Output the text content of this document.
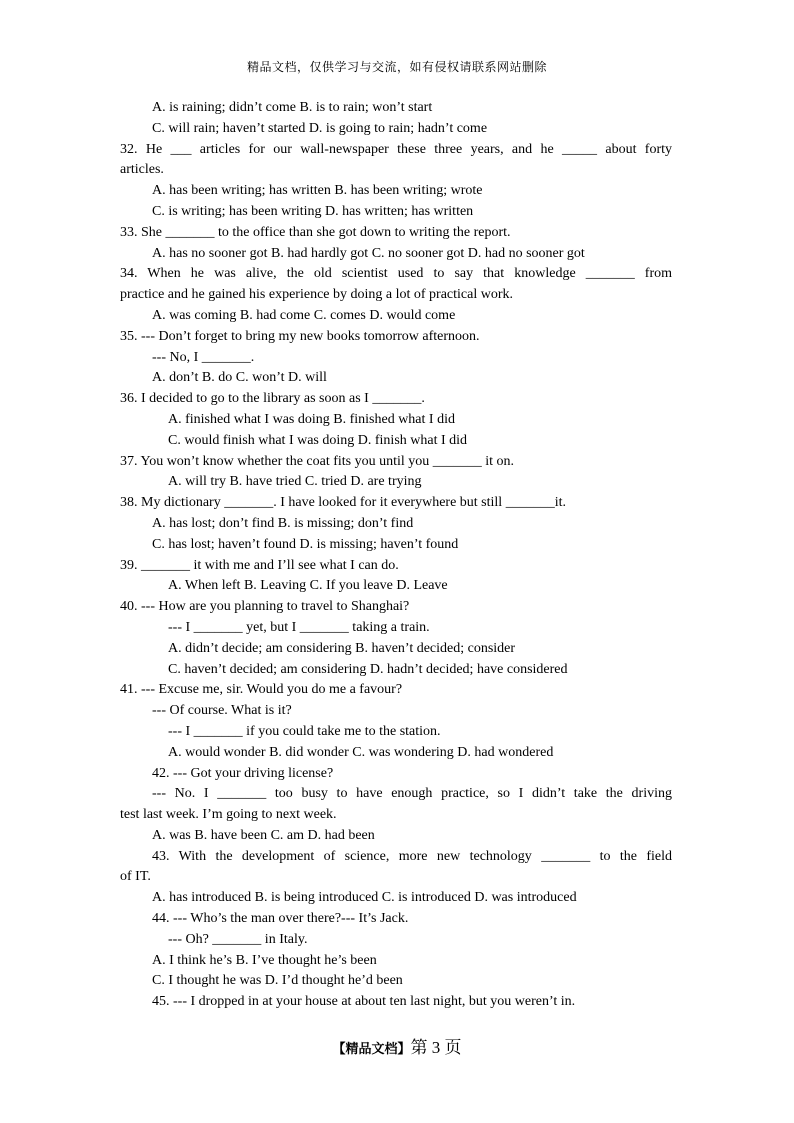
精品文档，仅供学习与交流，如有侵权请联系网站删除
A. is raining; didn’t come B. is to rain; won’t start
C. will rain; haven’t started D. is going to rain; hadn’t come
32. He ___ articles for our wall-newspaper these three years, and he _____ about forty
articles.
A. has been writing; has written B. has been writing; wrote
C. is writing; has been writing D. has written; has written
33. She _______ to the office than she got down to writing the report.
A. has no sooner got B. had hardly got C. no sooner got D. had no sooner got
34. When he was alive, the old scientist used to say that knowledge _______ from
practice and he gained his experience by doing a lot of practical work.
A. was coming B. had come C. comes D. would come
35. --- Don’t forget to bring my new books tomorrow afternoon.
--- No, I _______.
A. don’t B. do C. won’t D. will
36. I decided to go to the library as soon as I _______.
A. finished what I was doing B. finished what I did
C. would finish what I was doing D. finish what I did
37. You won’t know whether the coat fits you until you _______ it on.
A. will try B. have tried C. tried D. are trying
38. My dictionary _______. I have looked for it everywhere but still _______it.
A. has lost; don’t find B. is missing; don’t find
C. has lost; haven’t found D. is missing; haven’t found
39. _______ it with me and I’ll see what I can do.
A. When left B. Leaving C. If you leave D. Leave
40. --- How are you planning to travel to Shanghai?
--- I _______ yet, but I _______ taking a train.
A. didn’t decide; am considering B. haven’t decided; consider
C. haven’t decided; am considering D. hadn’t decided; have considered
41. --- Excuse me, sir. Would you do me a favour?
--- Of course. What is it?
--- I _______ if you could take me to the station.
A. would wonder B. did wonder C. was wondering D. had wondered
42. --- Got your driving license?
--- No. I _______ too busy to have enough practice, so I didn’t take the driving
test last week. I’m going to next week.
A. was B. have been C. am D. had been
43. With the development of science, more new technology _______ to the field
of IT.
A. has introduced B. is being introduced C. is introduced D. was introduced
44. --- Who’s the man over there?--- It’s Jack.
--- Oh? _______ in Italy.
A. I think he’s B. I’ve thought he’s been
C. I thought he was D. I’d thought he’d been
45. --- I dropped in at your house at about ten last night, but you weren’t in.
【精品文档】第 3 页
